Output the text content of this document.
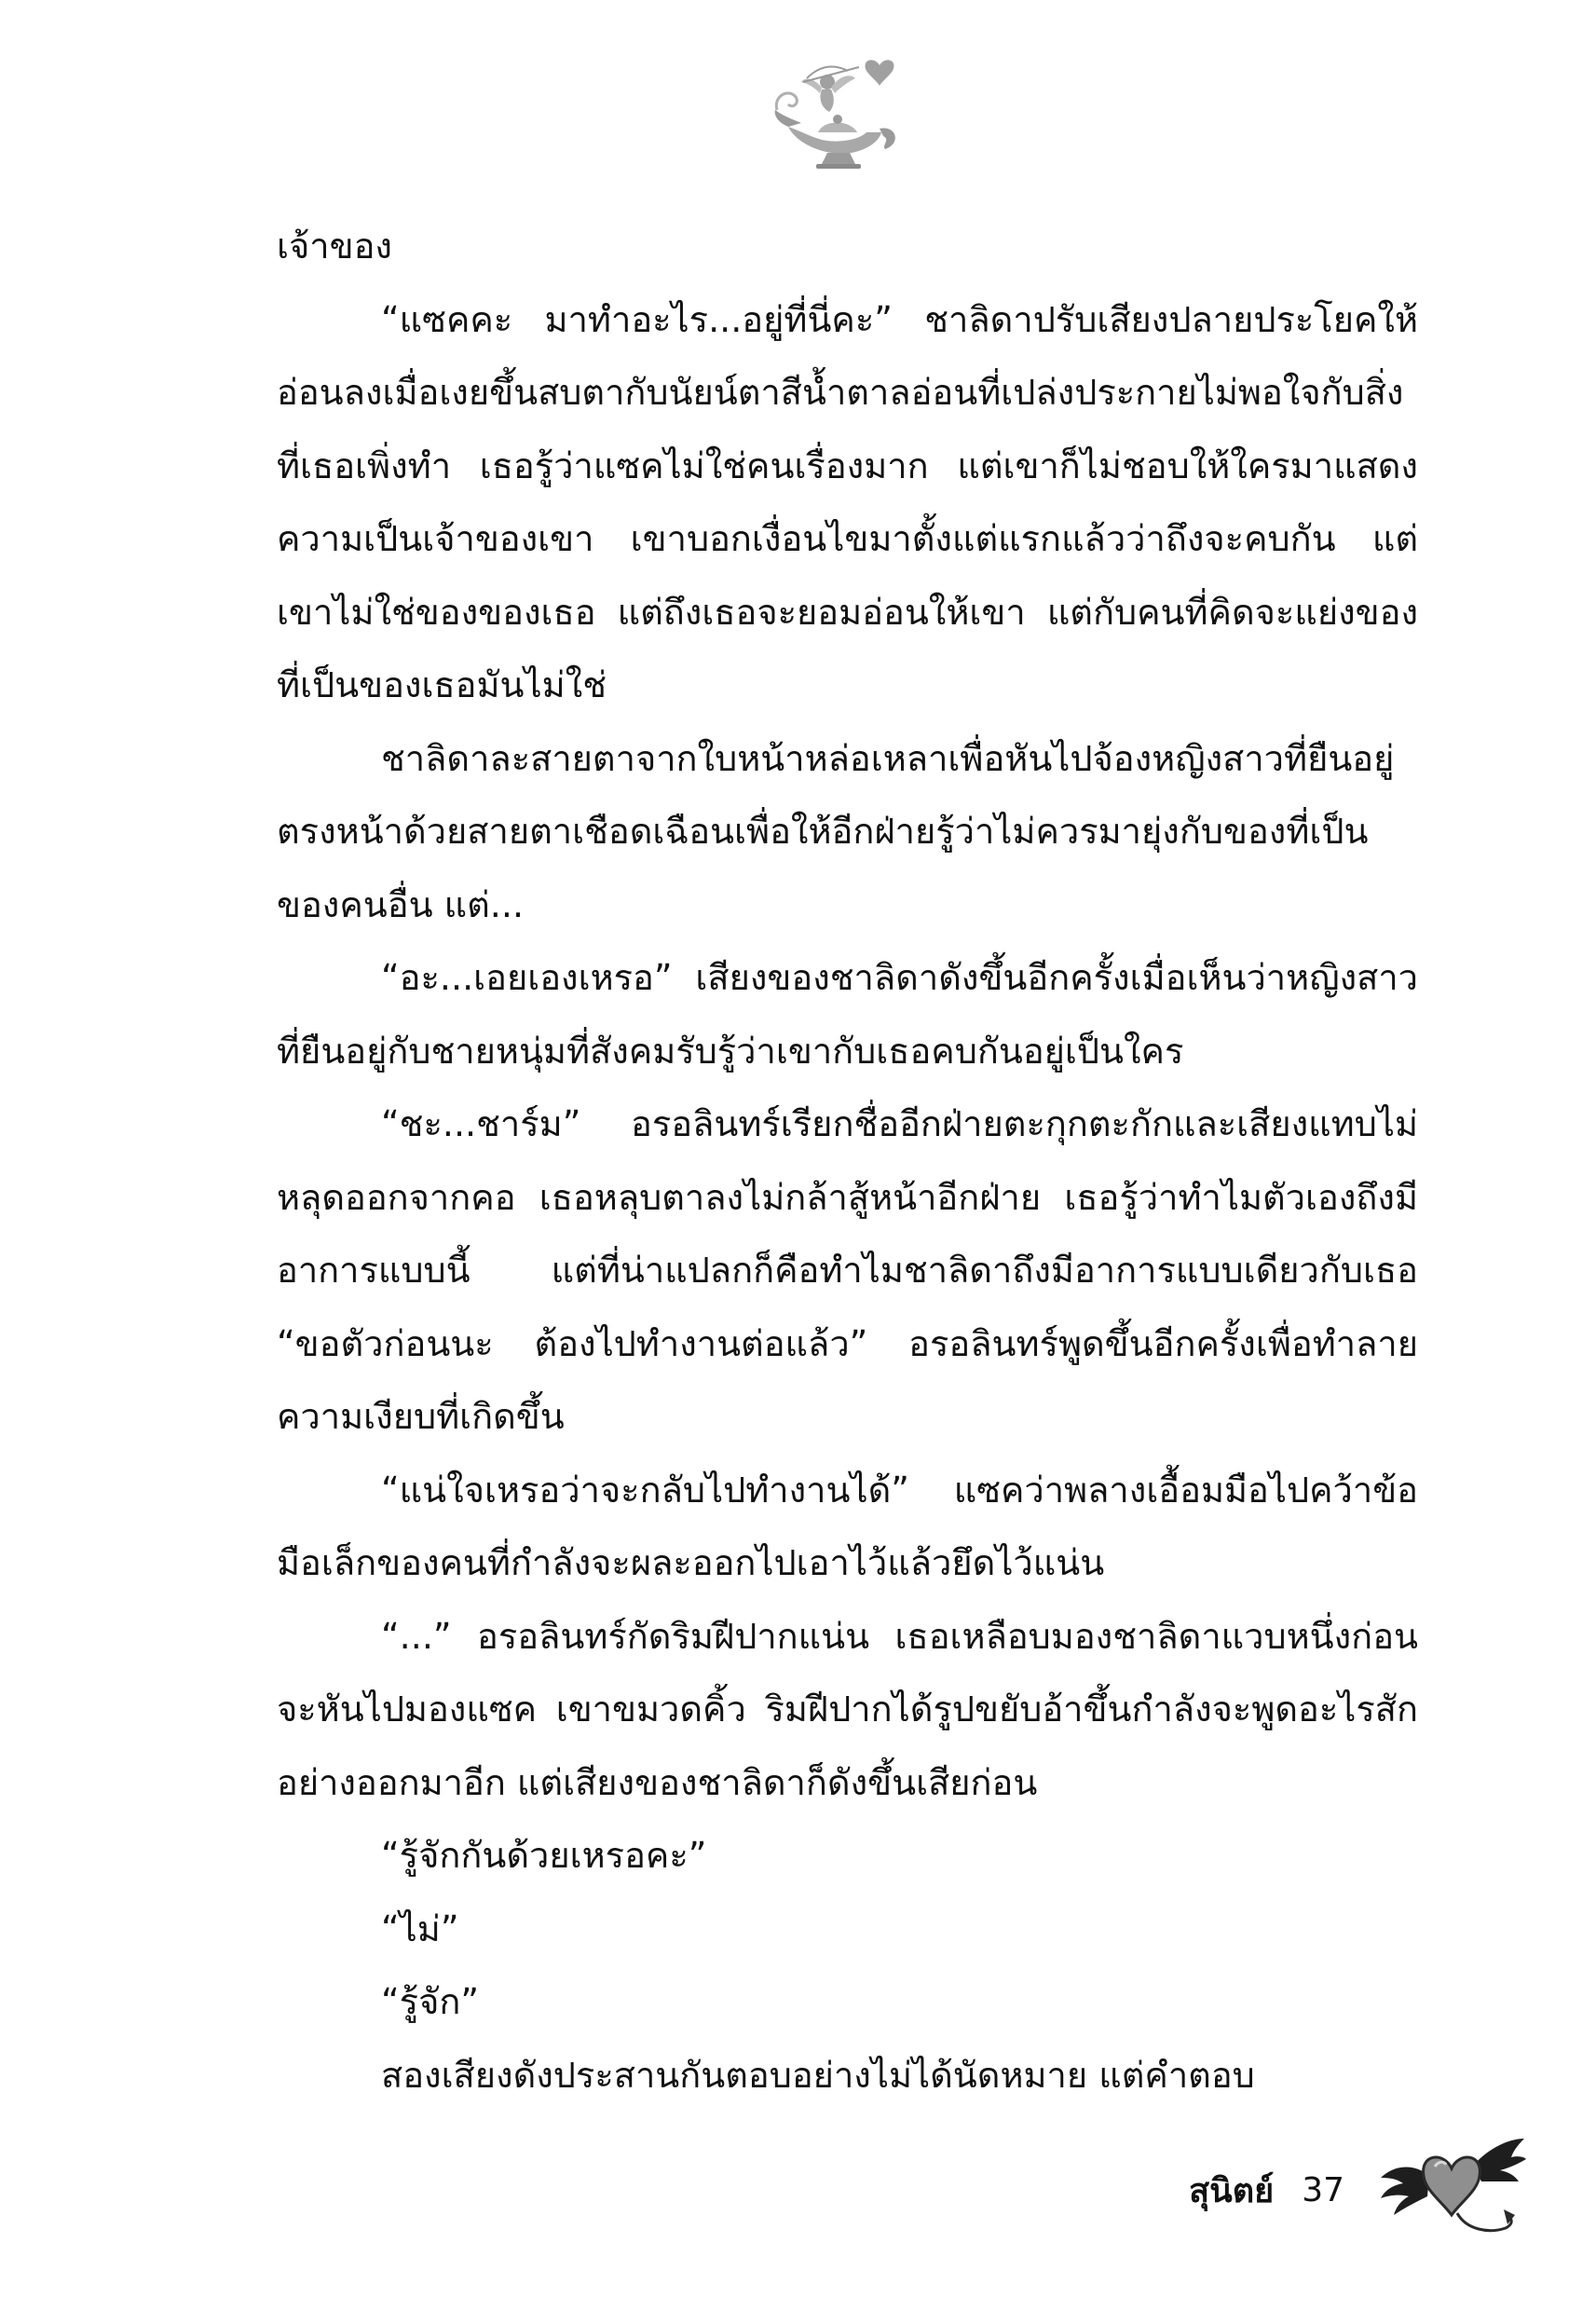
เจ้าของ

“แซคคะ มาทำอะไร...อยู่ที่นี่คะ” ชาลิดาปรับเสียงปลายประโยคให้อ่อนลงเมื่อเงยขึ้นสบตากับนัยน์ตาสีน้ำตาลอ่อนที่เปล่งประกายไม่พอใจกับสิ่งที่เธอเพิ่งทำ เธอรู้ว่าแซคไม่ใช่คนเรื่องมาก แต่เขาก็ไม่ชอบให้ใครมาแสดงความเป็นเจ้าของเขา เขาบอกเงื่อนไขมาตั้งแต่แรกแล้วว่าถึงจะคบกัน แต่เขาไม่ใช่ของของเธอ แต่ถึงเธอจะยอมอ่อนให้เขา แต่กับคนที่คิดจะแย่งของที่เป็นของเธอมันไม่ใช่

ชาลิดาละสายตาจากใบหน้าหล่อเหลาเพื่อหันไปจ้องหญิงสาวที่ยืนอยู่ตรงหน้าด้วยสายตาเชือดเฉือนเพื่อให้อีกฝ่ายรู้ว่าไม่ควรมายุ่งกับของที่เป็นของคนอื่น แต่...

“อะ...เอยเองเหรอ” เสียงของชาลิดาดังขึ้นอีกครั้งเมื่อเห็นว่าหญิงสาวที่ยืนอยู่กับชายหนุ่มที่สังคมรับรู้ว่าเขากับเธอคบกันอยู่เป็นใคร

“ชะ...ชาร์ม” อรอลินทร์เรียกชื่ออีกฝ่ายตะกุกตะกักและเสียงแทบไม่หลุดออกจากคอ เธอหลุบตาลงไม่กล้าสู้หน้าอีกฝ่าย เธอรู้ว่าทำไมตัวเองถึงมีอาการแบบนี้ แต่ที่น่าแปลกก็คือทำไมชาลิดาถึงมีอาการแบบเดียวกับเธอ “ขอตัวก่อนนะ ต้องไปทำงานต่อแล้ว” อรอลินทร์พูดขึ้นอีกครั้งเพื่อทำลายความเงียบที่เกิดขึ้น

“แน่ใจเหรอว่าจะกลับไปทำงานได้” แซคว่าพลางเอื้อมมือไปคว้าข้อมือเล็กของคนที่กำลังจะผละออกไปเอาไว้แล้วยึดไว้แน่น

“...” อรอลินทร์กัดริมฝีปากแน่น เธอเหลือบมองชาลิดาแวบหนึ่งก่อนจะหันไปมองแซค เขาขมวดคิ้ว ริมฝีปากได้รูปขยับอ้าขึ้นกำลังจะพูดอะไรสักอย่างออกมาอีก แต่เสียงของชาลิดาก็ดังขึ้นเสียก่อน

“รู้จักกันด้วยเหรอคะ”

“ไม่”

“รู้จัก”

สองเสียงดังประสานกันตอบอย่างไม่ได้นัดหมาย แต่คำตอบ

สุนิตย์ 37
